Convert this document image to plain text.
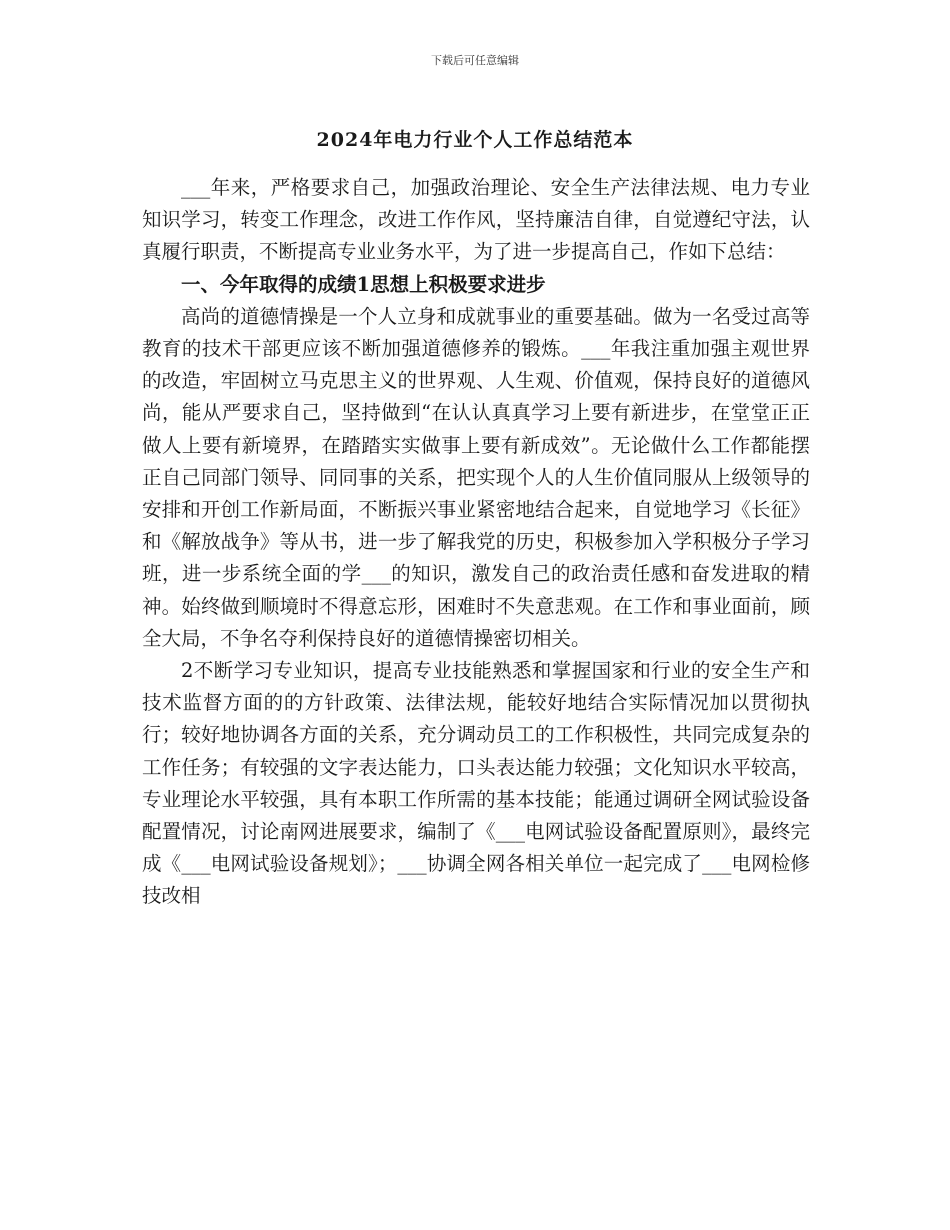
下载后可任意编辑
2024年电力行业个人工作总结范本

___年来，严格要求自己，加强政治理论、安全生产法律法规、电力专业知识学习，转变工作理念，改进工作作风，坚持廉洁自律，自觉遵纪守法，认真履行职责，不断提高专业业务水平，为了进一步提高自己，作如下总结：

一、今年取得的成绩1思想上积极要求进步

高尚的道德情操是一个人立身和成就事业的重要基础。做为一名受过高等教育的技术干部更应该不断加强道德修养的锻炼。___年我注重加强主观世界的改造，牢固树立马克思主义的世界观、人生观、价值观，保持良好的道德风尚，能从严要求自己，坚持做到“在认认真真学习上要有新进步，在堂堂正正做人上要有新境界，在踏踏实实做事上要有新成效”。无论做什么工作都能摆正自己同部门领导、同同事的关系，把实现个人的人生价值同服从上级领导的安排和开创工作新局面，不断振兴事业紧密地结合起来，自觉地学习《长征》和《解放战争》等从书，进一步了解我党的历史，积极参加入学积极分子学习班，进一步系统全面的学___的知识，激发自己的政治责任感和奋发进取的精神。始终做到顺境时不得意忘形，困难时不失意悲观。在工作和事业面前，顾全大局，不争名夺利保持良好的道德情操密切相关。

2不断学习专业知识，提高专业技能熟悉和掌握国家和行业的安全生产和技术监督方面的的方针政策、法律法规，能较好地结合实际情况加以贯彻执行；较好地协调各方面的关系，充分调动员工的工作积极性，共同完成复杂的工作任务；有较强的文字表达能力，口头表达能力较强；文化知识水平较高，专业理论水平较强，具有本职工作所需的基本技能；能通过调研全网试验设备配置情况，讨论南网进展要求，编制了《___电网试验设备配置原则》，最终完成《___电网试验设备规划》；___协调全网各相关单位一起完成了___电网检修技改相
